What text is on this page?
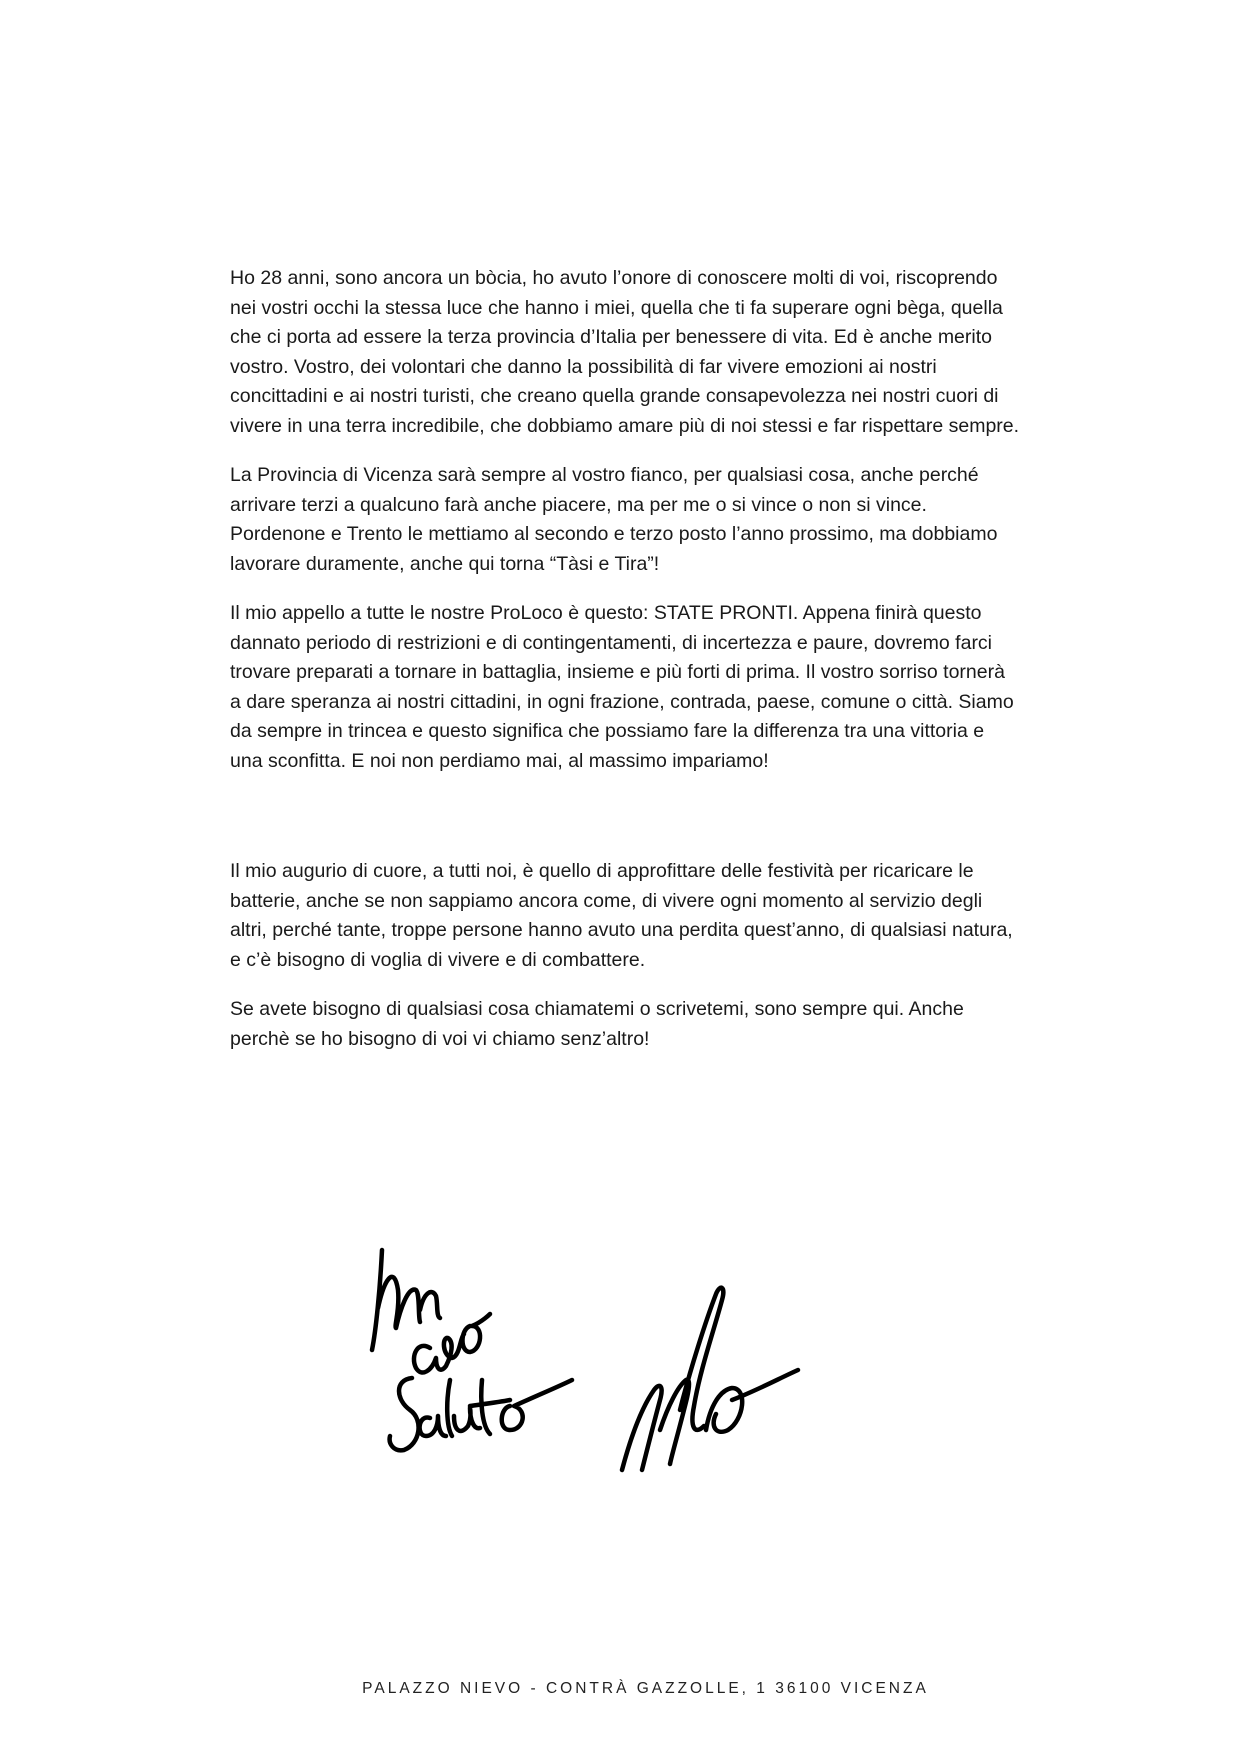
Ho 28 anni, sono ancora un bòcia, ho avuto l’onore di conoscere molti di voi, riscoprendo nei vostri occhi la stessa luce che hanno i miei, quella che ti fa superare ogni bèga, quella che ci porta ad essere la terza provincia d’Italia per benessere di vita. Ed è anche merito vostro. Vostro, dei volontari che danno la possibilità di far vivere emozioni ai nostri concittadini e ai nostri turisti, che creano quella grande consapevolezza nei nostri cuori di vivere in una terra incredibile, che dobbiamo amare più di noi stessi e far rispettare sempre.

La Provincia di Vicenza sarà sempre al vostro fianco, per qualsiasi cosa, anche perché arrivare terzi a qualcuno farà anche piacere, ma per me o si vince o non si vince. Pordenone e Trento le mettiamo al secondo e terzo posto l’anno prossimo, ma dobbiamo lavorare duramente, anche qui torna “Tàsi e Tira”!

Il mio appello a tutte le nostre ProLoco è questo: STATE PRONTI. Appena finirà questo dannato periodo di restrizioni e di contingentamenti, di incertezza e paure, dovremo farci trovare preparati a tornare in battaglia, insieme e più forti di prima. Il vostro sorriso tornerà a dare speranza ai nostri cittadini, in ogni frazione, contrada, paese, comune o città. Siamo da sempre in trincea e questo significa che possiamo fare la differenza tra una vittoria e una sconfitta. E noi non perdiamo mai, al massimo impariamo!

Il mio augurio di cuore, a tutti noi, è quello di approfittare delle festività per ricaricare le batterie, anche se non sappiamo ancora come, di vivere ogni momento al servizio degli altri, perché tante, troppe persone hanno avuto una perdita quest’anno, di qualsiasi natura, e c’è bisogno di voglia di vivere e di combattere.

Se avete bisogno di qualsiasi cosa chiamatemi o scrivetemi, sono sempre qui. Anche perchè se ho bisogno di voi vi chiamo senz’altro!

PALAZZO NIEVO - CONTRÀ GAZZOLLE, 1 36100 VICENZA
